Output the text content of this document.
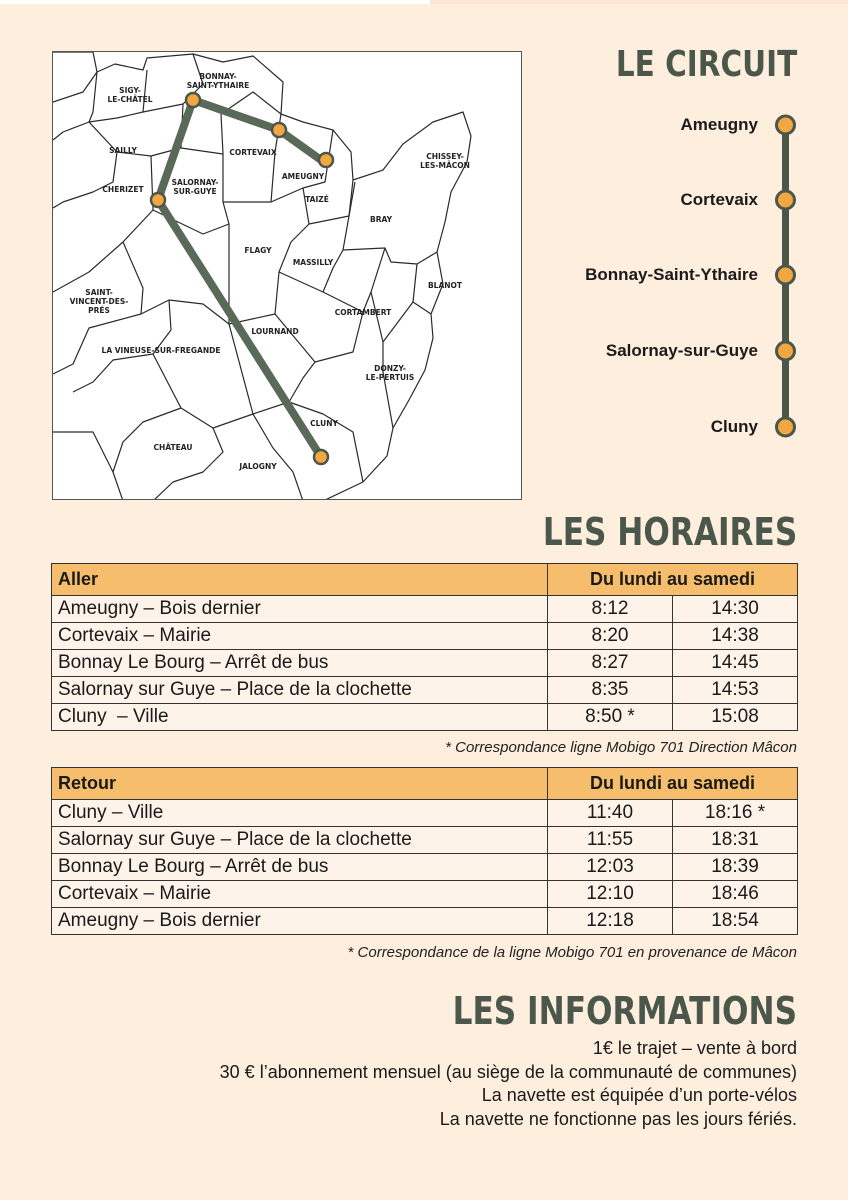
SIGY-
LE-CHÂTEL
BONNAY-
SAINT-YTHAIRE
SAILLY	CORTEVAIX
AMEUGNY
CHISSEY-
LES-MÂCON
CHERIZET
SALORNAY-
SUR-GUYE
TAIZÉ
BRAY
FLAGY
MASSILLY
BLANOT
SAINT-
VINCENT-DES-
PRÉS	CORTAMBERT
LOURNAND
LA VINEUSE-SUR-FREGANDE
DONZY-
LE-PERTUIS
CLUNY
CHÂTEAU
JALOGNY
LE CIRCUIT
Ameugny
Cortevaix
Bonnay-Saint-Ythaire
Salornay-sur-Guye
Cluny
LES HORAIRES
Aller	Du lundi au samedi	
Ameugny – Bois dernier	8:12	14:30
Cortevaix – Mairie	8:20	14:38
Bonnay Le Bourg – Arrêt de bus	8:27	14:45
Salornay sur Guye – Place de la clochette	8:35	14:53
Cluny  – Ville	8:50 *	15:08
* Correspondance ligne Mobigo 701 Direction Mâcon
Retour	Du lundi au samedi	
Cluny – Ville	11:40	18:16 *
Salornay sur Guye – Place de la clochette	11:55	18:31
Bonnay Le Bourg – Arrêt de bus	12:03	18:39
Cortevaix – Mairie	12:10	18:46
Ameugny – Bois dernier	12:18	18:54
* Correspondance de la ligne Mobigo 701 en provenance de Mâcon
LES INFORMATIONS
1€ le trajet – vente à bord
30 € l’abonnement mensuel (au siège de la communauté de communes)
La navette est équipée d’un porte-vélos
La navette ne fonctionne pas les jours fériés.
